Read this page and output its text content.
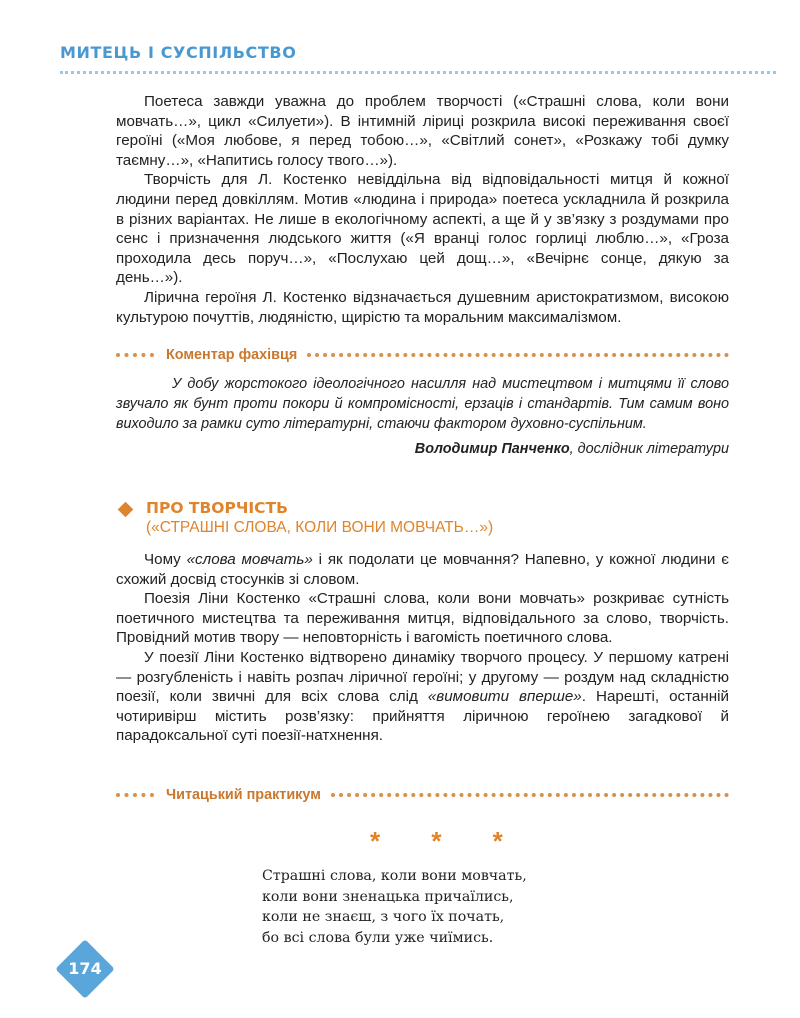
МИТЕЦЬ І СУСПІЛЬСТВО

Поетеса завжди уважна до проблем творчості («Страшні слова, коли вони мовчать…», цикл «Силуети»). В інтимній ліриці розкрила високі переживання своєї героїні («Моя любове, я перед тобою…», «Світлий сонет», «Розкажу тобі думку таємну…», «Напитись голосу твого…»).

Творчість для Л. Костенко невіддільна від відповідальності митця й кожної людини перед довкіллям. Мотив «людина і природа» поетеса ускладнила й розкрила в різних варіантах. Не лише в екологічному аспекті, а ще й у зв’язку з роздумами про сенс і призначення людського життя («Я вранці голос горлиці люблю…», «Гроза проходила десь поруч…», «Послухаю цей дощ…», «Вечірнє сонце, дякую за день…»).

Лірична героїня Л. Костенко відзначається душевним аристократизмом, високою культурою почуттів, людяністю, щирістю та моральним максималізмом.

Коментар фахівця

У добу жорстокого ідеологічного насилля над мистецтвом і митцями її слово звучало як бунт проти покори й компромісності, ерзаців і стандартів. Тим самим воно виходило за рамки суто літературні, стаючи фактором духовно-суспільним.

Володимир Панченко, дослідник літератури
ПРО ТВОРЧІСТЬ
(«СТРАШНІ СЛОВА, КОЛИ ВОНИ МОВЧАТЬ…»)

Чому «слова мовчать» і як подолати це мовчання? Напевно, у кожної людини є схожий досвід стосунків зі словом.

Поезія Ліни Костенко «Страшні слова, коли вони мовчать» розкриває сутність поетичного мистецтва та переживання митця, відповідального за слово, творчість. Провідний мотив твору — неповторність і вагомість поетичного слова.

У поезії Ліни Костенко відтворено динаміку творчого процесу. У першому катрені — розгубленість і навіть розпач ліричної героїні; у другому — роздум над складністю поезії, коли звичні для всіх слова слід «вимовити вперше». Нарешті, останній чотиривірш містить розв’язку: прийняття ліричною героїнею загадкової й парадоксальної суті поезії-натхнення.

Читацький практикум
* * *
Страшні слова, коли вони мовчать,
коли вони зненацька причаїлись,
коли не знаєш, з чого їх почать,
бо всі слова були уже чиїмись.
174
